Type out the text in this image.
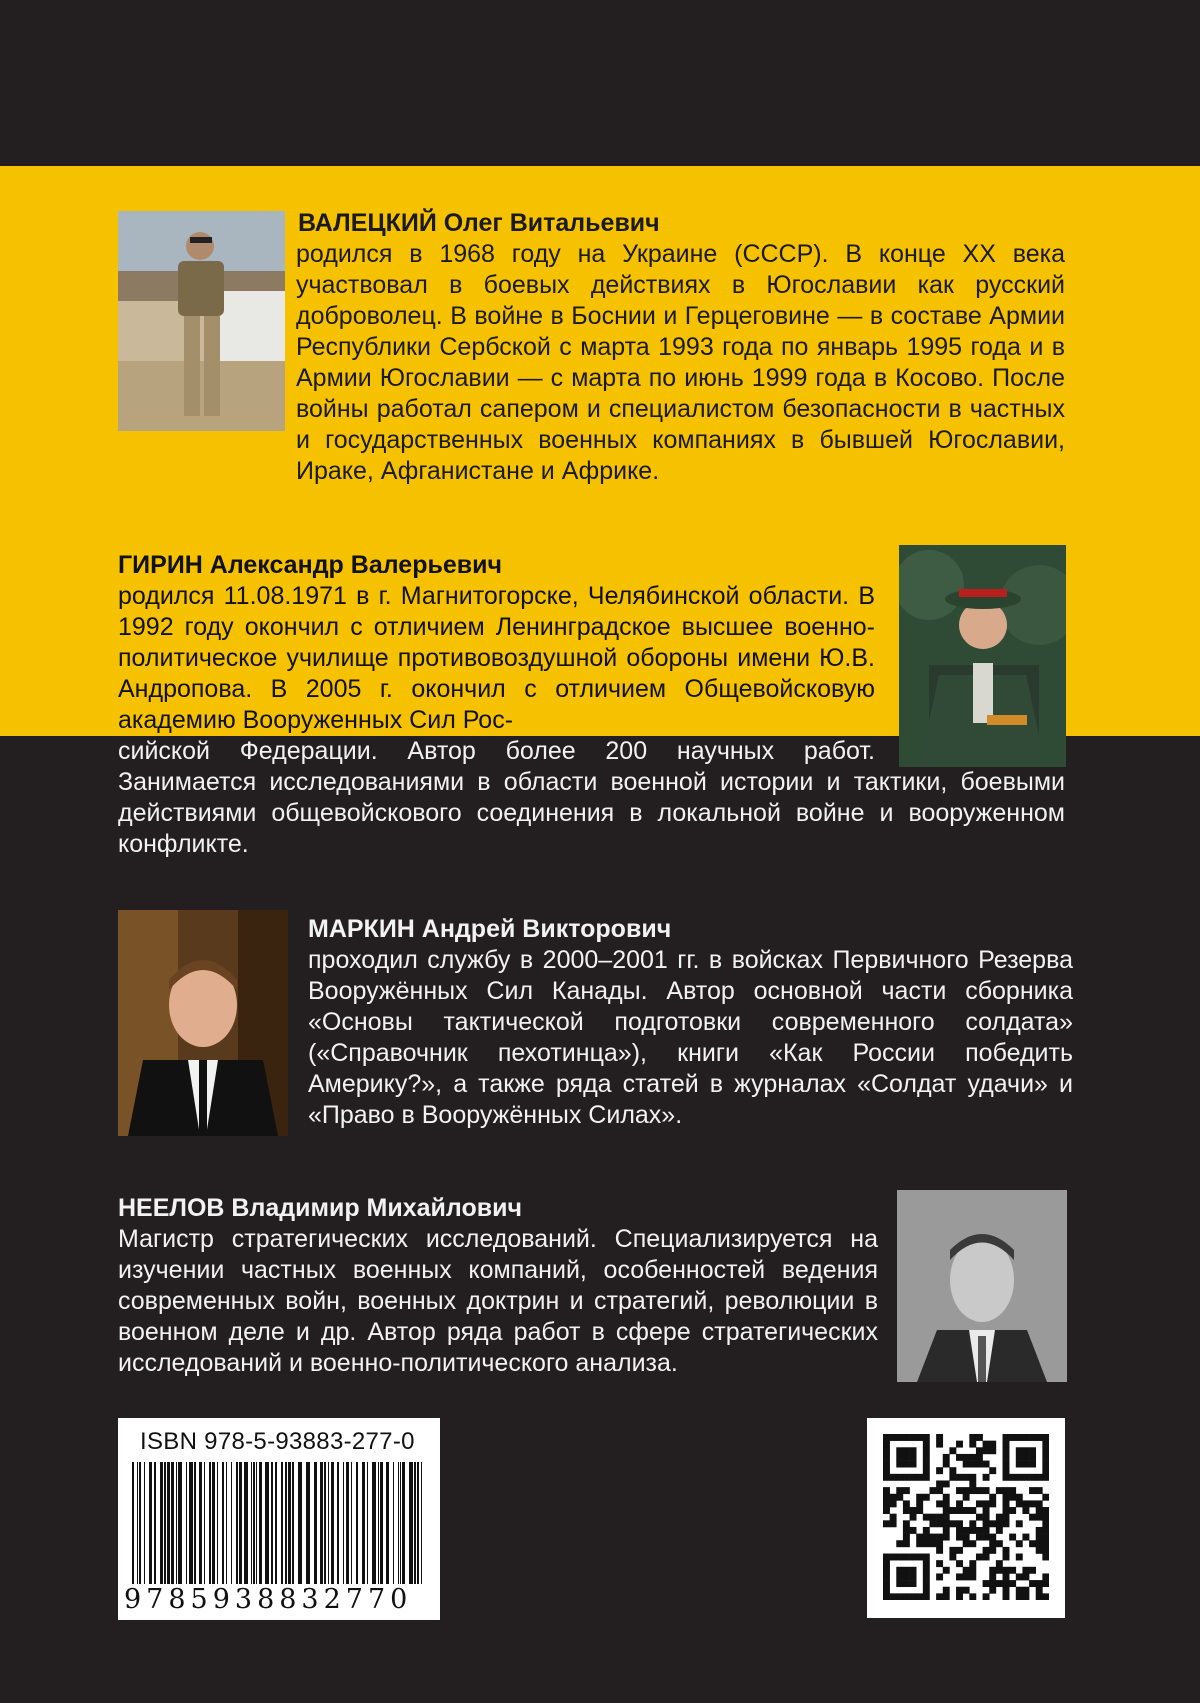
ВАЛЕЦКИЙ Олег Витальевич
родился в 1968 году на Украине (СССР). В конце XX века участвовал в боевых действиях в Югославии как русский доброволец. В войне в Боснии и Герцеговине — в составе Армии Республики Сербской с марта 1993 года по январь 1995 года и в Армии Югославии — с марта по июнь 1999 года в Косово. После войны работал сапером и специалистом безопасности в частных и государственных военных компаниях в бывшей Югославии, Ираке, Афганистане и Африке.
ГИРИН Александр Валерьевич
родился 11.08.1971 в г. Магнитогорске, Челябинской области. В 1992 году окончил с отличием Ленинградское высшее военно-политическое училище противовоздушной обороны имени Ю.В. Андропова. В 2005 г. окончил с отличием Общевойсковую академию Вооруженных Сил Рос-
сийской Федерации. Автор более 200 научных работ. Занимается исследованиями в области военной истории и тактики, боевыми действиями общевойскового соединения в локальной войне и вооруженном конфликте.
МАРКИН Андрей Викторович
проходил службу в 2000–2001 гг. в войсках Первичного Резерва Вооружённых Сил Канады. Автор основной части сборника «Основы тактической подготовки современного солдата» («Справочник пехотинца»), книги «Как России победить Америку?», а также ряда статей в журналах «Солдат удачи» и «Право в Вооружённых Силах».
НЕЕЛОВ Владимир Михайлович
Магистр стратегических исследований. Специализируется на изучении частных военных компаний, особенностей ведения современных войн, военных доктрин и стратегий, революции в военном деле и др. Автор ряда работ в сфере стратегических исследований и военно-политического анализа.
ISBN 978-5-93883-277-0
9785938832770
